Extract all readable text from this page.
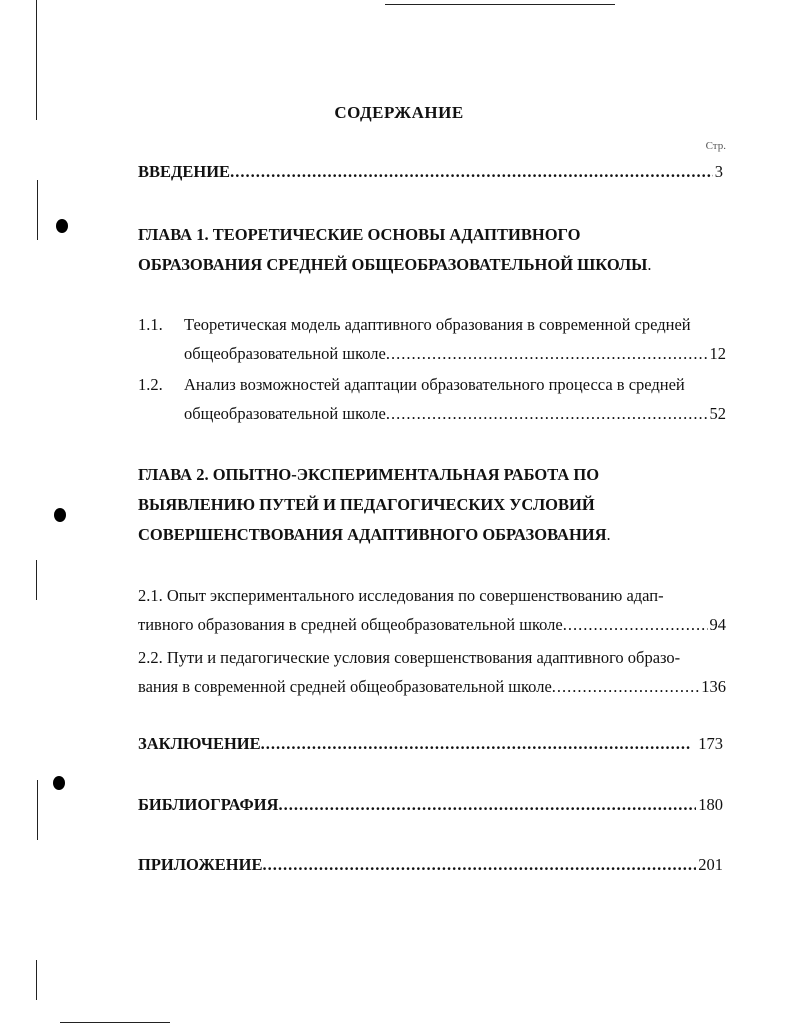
СОДЕРЖАНИЕ
Стр.
ВВЕДЕНИЕ .....	3
ГЛАВА 1. ТЕОРЕТИЧЕСКИЕ ОСНОВЫ АДАПТИВНОГО
ОБРАЗОВАНИЯ СРЕДНЕЙ ОБЩЕОБРАЗОВАТЕЛЬНОЙ ШКОЛЫ .
1.1. Теоретическая модель адаптивного образования в современной средней
общеобразовательной школе .....	12
1.2. Анализ возможностей адаптации образовательного процесса в средней
общеобразовательной школе .....	52
ГЛАВА 2. ОПЫТНО-ЭКСПЕРИМЕНТАЛЬНАЯ РАБОТА ПО
ВЫЯВЛЕНИЮ ПУТЕЙ И ПЕДАГОГИЧЕСКИХ УСЛОВИЙ
СОВЕРШЕНСТВОВАНИЯ АДАПТИВНОГО ОБРАЗОВАНИЯ .
2.1. Опыт экспериментального исследования по совершенствованию адап-
тивного образования в средней общеобразовательной школе .....	94
2.2. Пути и педагогические условия совершенствования адаптивного образо-
вания в современной средней общеобразовательной школе .....	136
ЗАКЛЮЧЕНИЕ .....	173
БИБЛИОГРАФИЯ .....	180
ПРИЛОЖЕНИЕ .....	201
